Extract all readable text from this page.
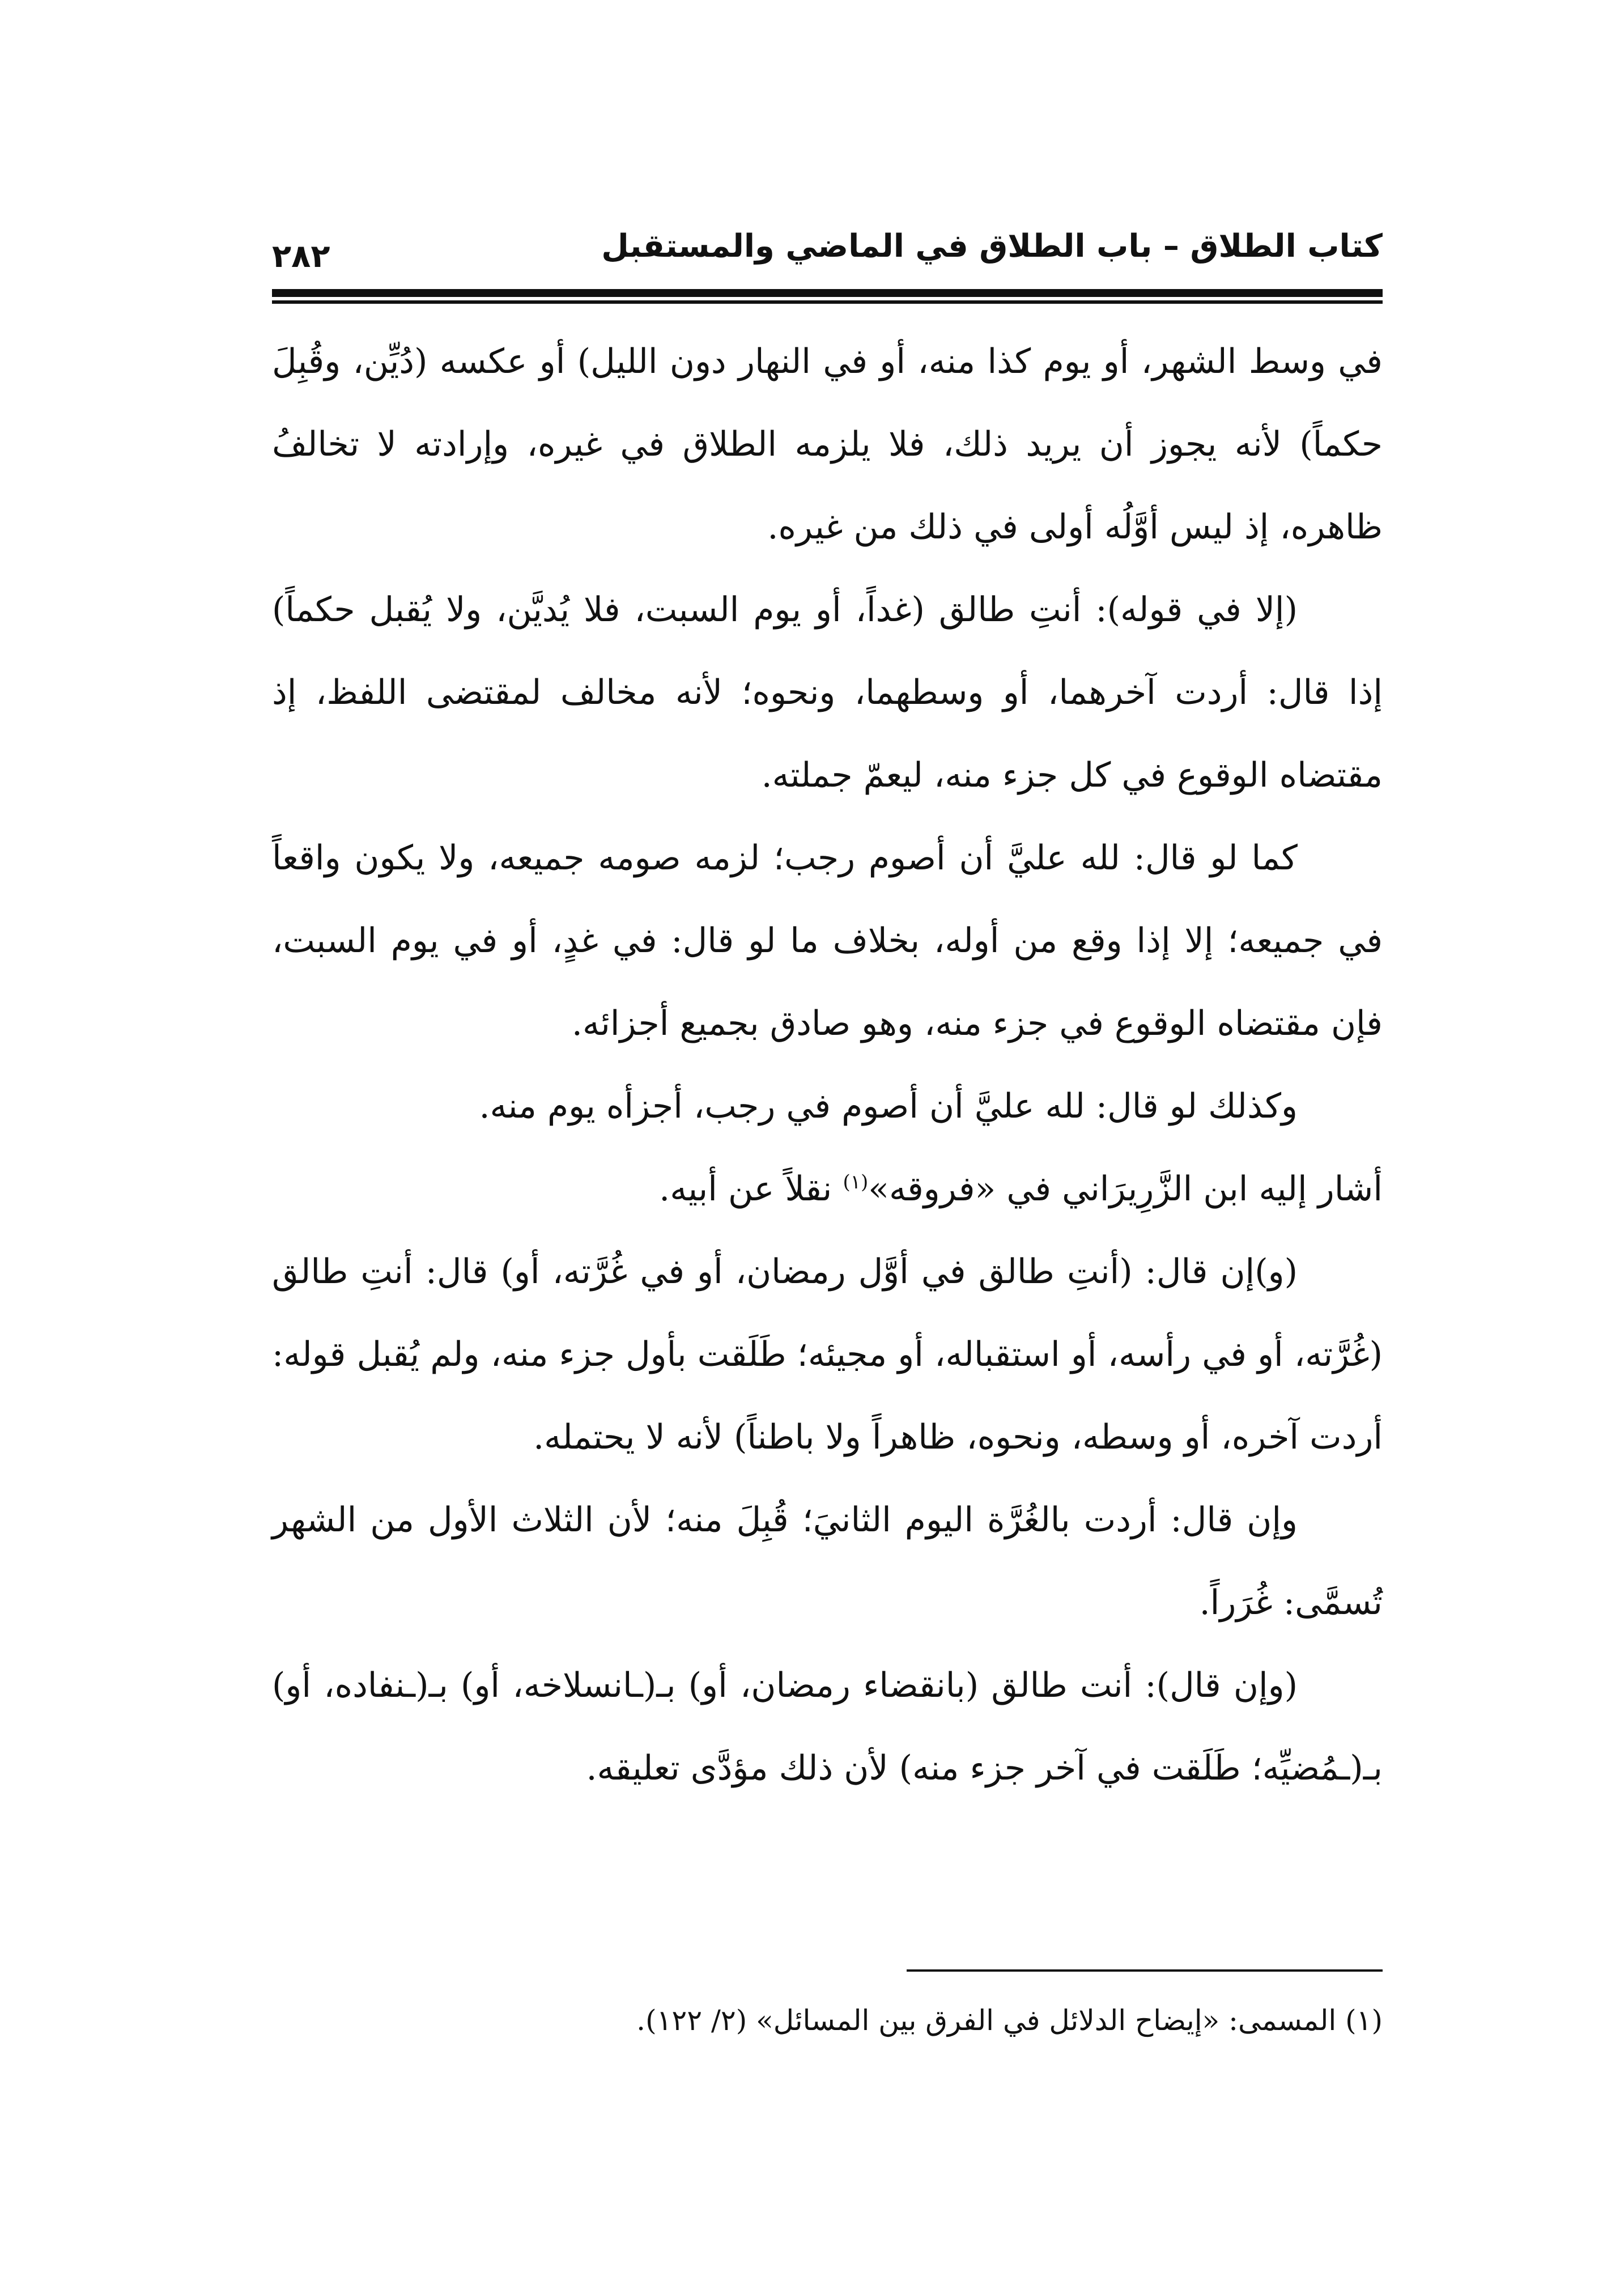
كتاب الطلاق – باب الطلاق في الماضي والمستقبل
٢٨٢

في وسط الشهر، أو يوم كذا منه، أو في النهار دون الليل) أو عكسه (دُيِّن، وقُبِلَ حكماً) لأنه يجوز أن يريد ذلك، فلا يلزمه الطلاق في غيره، وإرادته لا تخالفُ ظاهره، إذ ليس أوَّلُه أولى في ذلك من غيره.

(إلا في قوله): أنتِ طالق (غداً، أو يوم السبت، فلا يُديَّن، ولا يُقبل حكماً) إذا قال: أردت آخرهما، أو وسطهما، ونحوه؛ لأنه مخالف لمقتضى اللفظ، إذ مقتضاه الوقوع في كل جزء منه، ليعمّ جملته.

كما لو قال: لله عليَّ أن أصوم رجب؛ لزمه صومه جميعه، ولا يكون واقعاً في جميعه؛ إلا إذا وقع من أوله، بخلاف ما لو قال: في غدٍ، أو في يوم السبت، فإن مقتضاه الوقوع في جزء منه، وهو صادق بجميع أجزائه.

وكذلك لو قال: لله عليَّ أن أصوم في رجب، أجزأه يوم منه.

أشار إليه ابن الزَّرِيرَاني في «فروقه»$^{(١)}$ نقلاً عن أبيه.

(و)إن قال: (أنتِ طالق في أوَّل رمضان، أو في غُرَّته، أو) قال: أنتِ طالق (غُرَّته، أو في رأسه، أو استقباله، أو مجيئه؛ طَلَقت بأول جزء منه، ولم يُقبل قوله: أردت آخره، أو وسطه، ونحوه، ظاهراً ولا باطناً) لأنه لا يحتمله.

وإن قال: أردت بالغُرَّة اليوم الثانيَ؛ قُبِلَ منه؛ لأن الثلاث الأول من الشهر تُسمَّى: غُرَراً.

(وإن قال): أنت طالق (بانقضاء رمضان، أو) بـ(ـانسلاخه، أو) بـ(ـنفاده، أو) بـ(ـمُضيِّه؛ طَلَقت في آخر جزء منه) لأن ذلك مؤدَّى تعليقه.

(١) المسمى: «إيضاح الدلائل في الفرق بين المسائل» (٢/ ١٢٢).
